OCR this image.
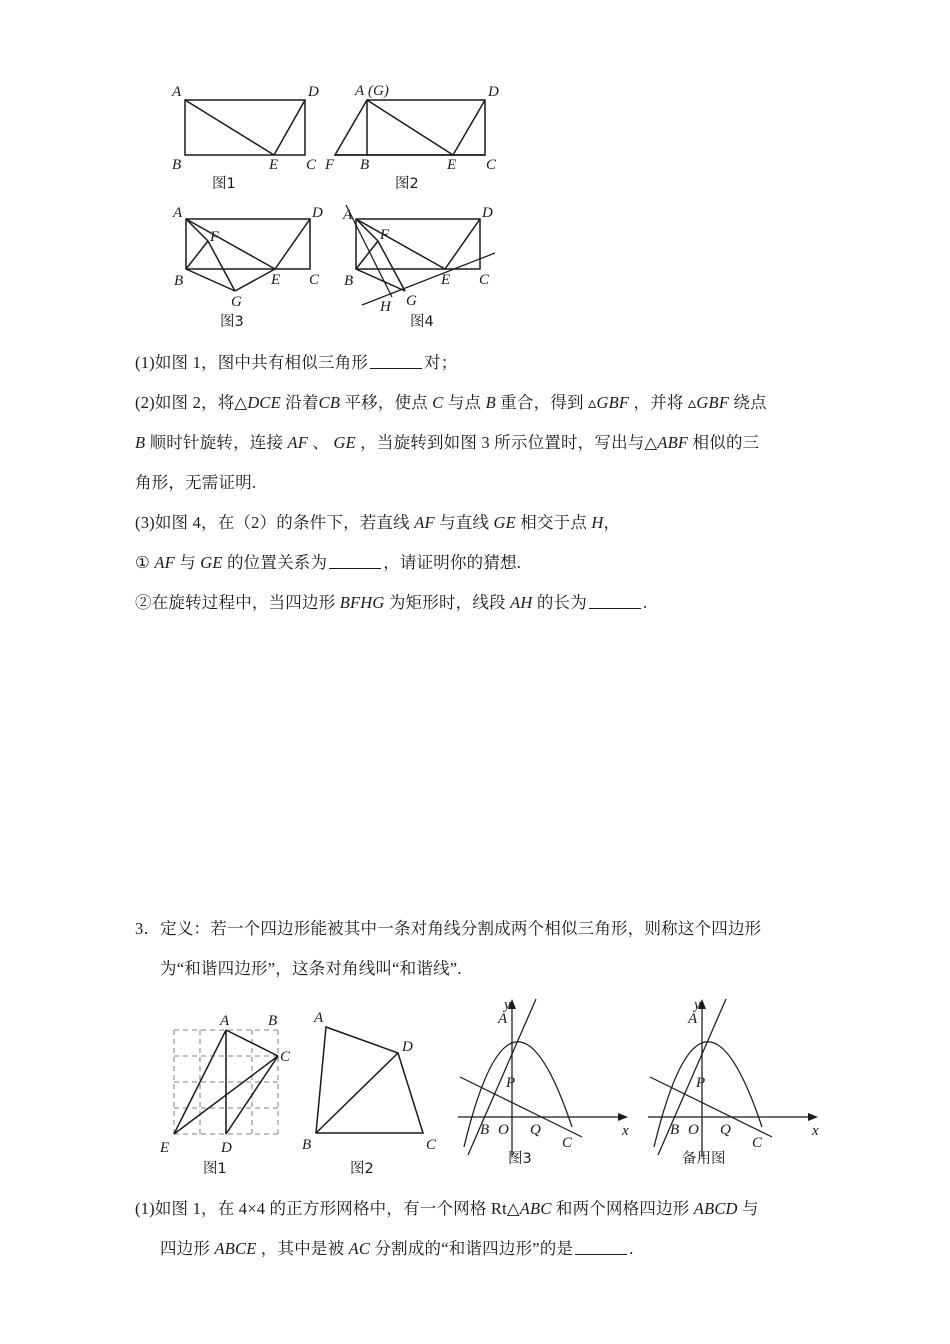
A	D
B	E C
图1
A (G)	D
F B	E C
图2
A	D
F
B
G
E C
图3
A	D
F
B
H G
E C
图4
(1)如图 1，图中共有相似三角形	对；
(2)如图 2，将△DCE 沿着CB 平移，使点 C 与点 B 重合，得到 ▵GBF ，并将 ▵GBF 绕点
B 顺时针旋转，连接 AF 、 GE ，当旋转到如图 3 所示位置时，写出与△ABF 相似的三
角形，无需证明.
(3)如图 4，在（2）的条件下，若直线 AF 与直线 GE 相交于点 H，
① AF 与 GE 的位置关系为	，请证明你的猜想.
②在旋转过程中，当四边形 BFHG 为矩形时，线段 AH 的长为	.
3．定义：若一个四边形能被其中一条对角线分割成两个相似三角形，则称这个四边形
为“和谐四边形”，这条对角线叫“和谐线”.
A	B
C
D
E
图1
A
D
B	C
图2
y
x
A
P
B O Q
C
图3
y
x
A
P
B O Q
C
备用图
(1)如图 1，在 4×4 的正方形网格中，有一个网格 Rt△ABC 和两个网格四边形 ABCD 与
四边形 ABCE ，其中是被 AC 分割成的“和谐四边形”的是	.
